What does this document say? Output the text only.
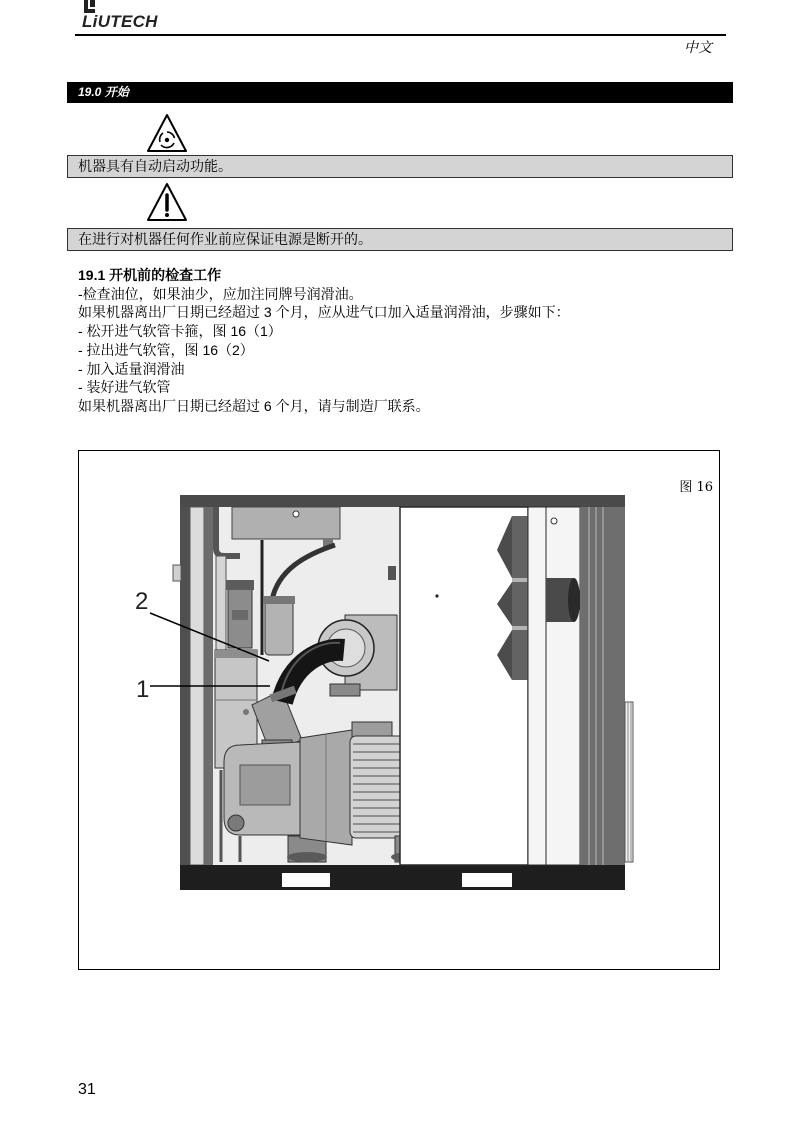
LiUTECH
中文
19.0 开始
机器具有自动启动功能。
在进行对机器任何作业前应保证电源是断开的。
19.1 开机前的检查工作
-检查油位，如果油少，应加注同牌号润滑油。
如果机器离出厂日期已经超过 3 个月，应从进气口加入适量润滑油，步骤如下：
- 松开进气软管卡箍，图 16（1）
- 拉出进气软管，图 16（2）
- 加入适量润滑油
- 装好进气软管
如果机器离出厂日期已经超过 6 个月，请与制造厂联系。
2
1
图 16
31
